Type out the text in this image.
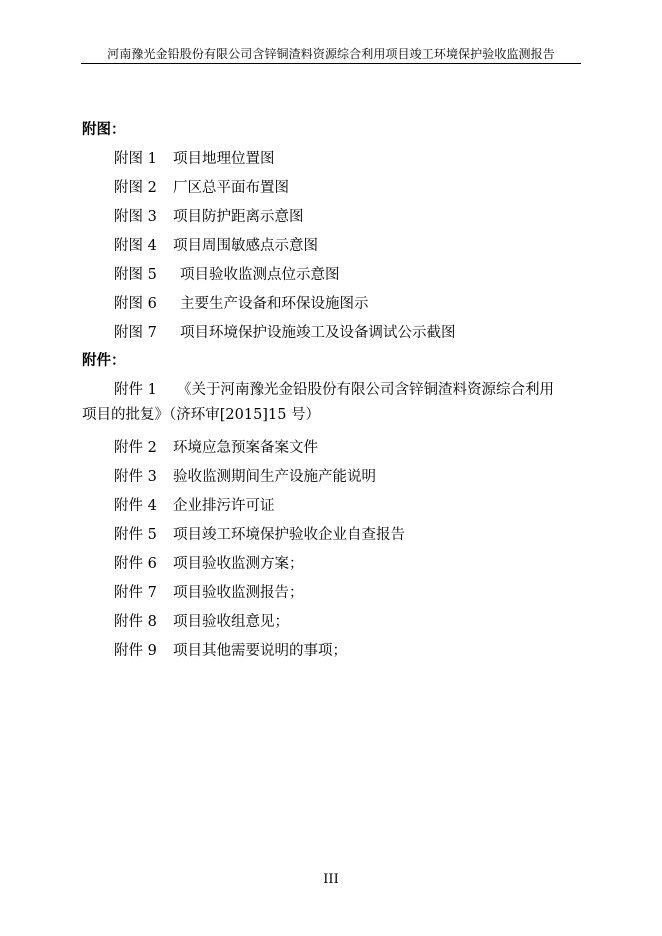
河南豫光金铅股份有限公司含锌铜渣料资源综合利用项目竣工环境保护验收监测报告
附图：
附图 1 项目地理位置图
附图 2 厂区总平面布置图
附图 3 项目防护距离示意图
附图 4 项目周围敏感点示意图
附图 5 项目验收监测点位示意图
附图 6 主要生产设备和环保设施图示
附图 7 项目环境保护设施竣工及设备调试公示截图
附件：
附件 1 《关于河南豫光金铅股份有限公司含锌铜渣料资源综合利用
项目的批复》（济环审[2015]15 号）
附件 2 环境应急预案备案文件
附件 3 验收监测期间生产设施产能说明
附件 4 企业排污许可证
附件 5 项目竣工环境保护验收企业自查报告
附件 6 项目验收监测方案；
附件 7 项目验收监测报告；
附件 8 项目验收组意见；
附件 9 项目其他需要说明的事项；
III
